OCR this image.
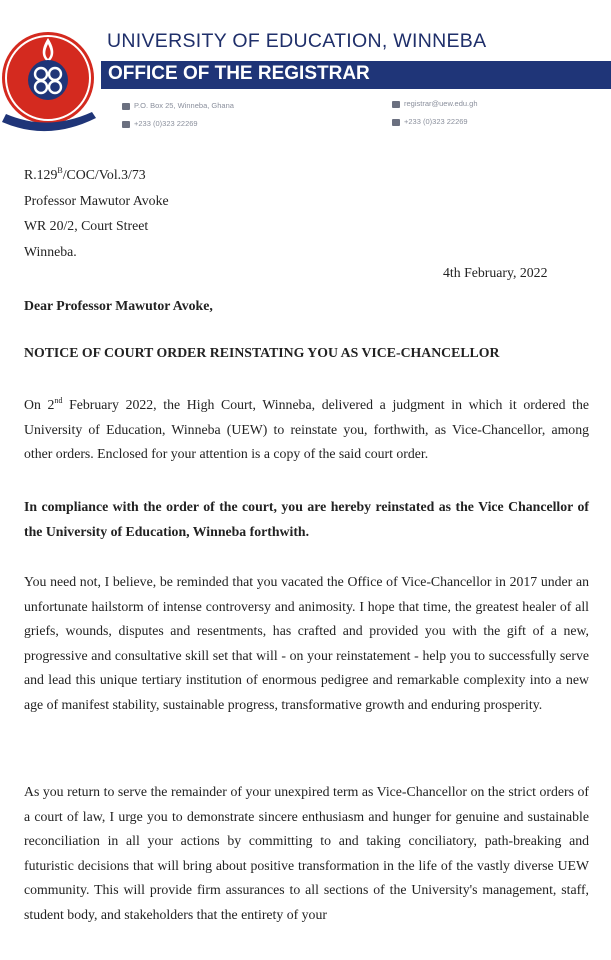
UNIVERSITY OF EDUCATION, WINNEBA
OFFICE OF THE REGISTRAR
P.O. Box 25, Winneba, Ghana
+233 (0)323 22269
registrar@uew.edu.gh
+233 (0)323 22269
$R.129^B/COC/Vol.3/73$
Professor Mawutor Avoke
WR 20/2, Court Street
Winneba.
4th February, 2022
Dear Professor Mawutor Avoke,
NOTICE OF COURT ORDER REINSTATING YOU AS VICE-CHANCELLOR
On 2nd February 2022, the High Court, Winneba, delivered a judgment in which it ordered the University of Education, Winneba (UEW) to reinstate you, forthwith, as Vice-Chancellor, among other orders. Enclosed for your attention is a copy of the said court order.
In compliance with the order of the court, you are hereby reinstated as the Vice Chancellor of the University of Education, Winneba forthwith.
You need not, I believe, be reminded that you vacated the Office of Vice-Chancellor in 2017 under an unfortunate hailstorm of intense controversy and animosity. I hope that time, the greatest healer of all griefs, wounds, disputes and resentments, has crafted and provided you with the gift of a new, progressive and consultative skill set that will - on your reinstatement - help you to successfully serve and lead this unique tertiary institution of enormous pedigree and remarkable complexity into a new age of manifest stability, sustainable progress, transformative growth and enduring prosperity.
As you return to serve the remainder of your unexpired term as Vice-Chancellor on the strict orders of a court of law, I urge you to demonstrate sincere enthusiasm and hunger for genuine and sustainable reconciliation in all your actions by committing to and taking conciliatory, path-breaking and futuristic decisions that will bring about positive transformation in the life of the vastly diverse UEW community. This will provide firm assurances to all sections of the University's management, staff, student body, and stakeholders that the entirety of your
